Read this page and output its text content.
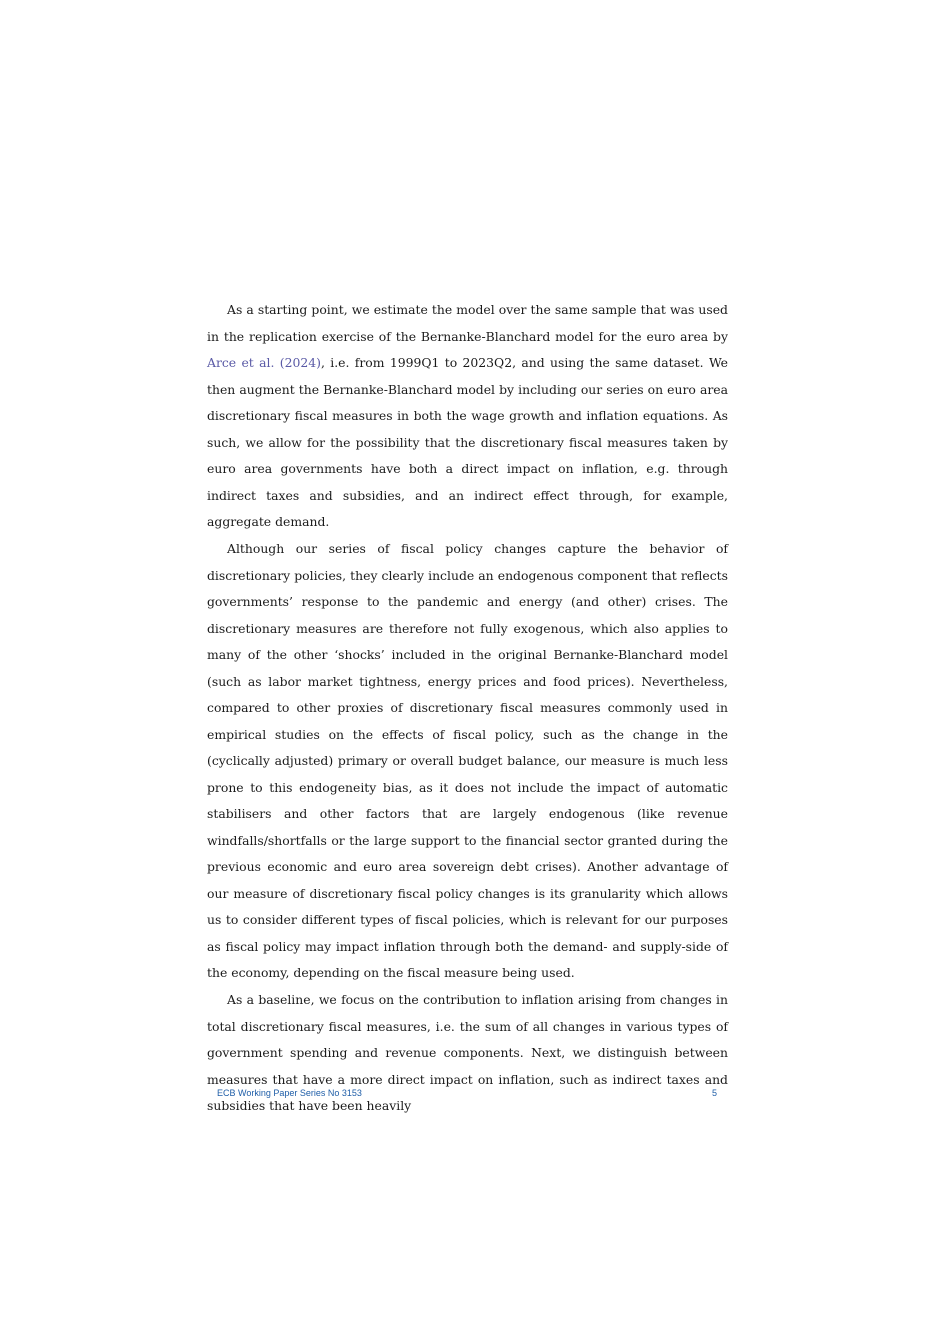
As a starting point, we estimate the model over the same sample that was used in the replication exercise of the Bernanke-Blanchard model for the euro area by Arce et al. (2024), i.e. from 1999Q1 to 2023Q2, and using the same dataset. We then augment the Bernanke-Blanchard model by including our series on euro area discretionary fiscal measures in both the wage growth and inflation equations. As such, we allow for the possibility that the discretionary fiscal measures taken by euro area governments have both a direct impact on inflation, e.g. through indirect taxes and subsidies, and an indirect effect through, for example, aggregate demand.

Although our series of fiscal policy changes capture the behavior of discretionary policies, they clearly include an endogenous component that reflects governments’ response to the pandemic and energy (and other) crises. The discretionary measures are therefore not fully exogenous, which also applies to many of the other ‘shocks’ included in the original Bernanke-Blanchard model (such as labor market tightness, energy prices and food prices). Nevertheless, compared to other proxies of discretionary fiscal measures commonly used in empirical studies on the effects of fiscal policy, such as the change in the (cyclically adjusted) primary or overall budget balance, our measure is much less prone to this endogeneity bias, as it does not include the impact of automatic stabilisers and other factors that are largely endogenous (like revenue windfalls/shortfalls or the large support to the financial sector granted during the previous economic and euro area sovereign debt crises). Another advantage of our measure of discretionary fiscal policy changes is its granularity which allows us to consider different types of fiscal policies, which is relevant for our purposes as fiscal policy may impact inflation through both the demand- and supply-side of the economy, depending on the fiscal measure being used.

As a baseline, we focus on the contribution to inflation arising from changes in total discretionary fiscal measures, i.e. the sum of all changes in various types of government spending and revenue components. Next, we distinguish between measures that have a more direct impact on inflation, such as indirect taxes and subsidies that have been heavily

ECB Working Paper Series No 3153	5
